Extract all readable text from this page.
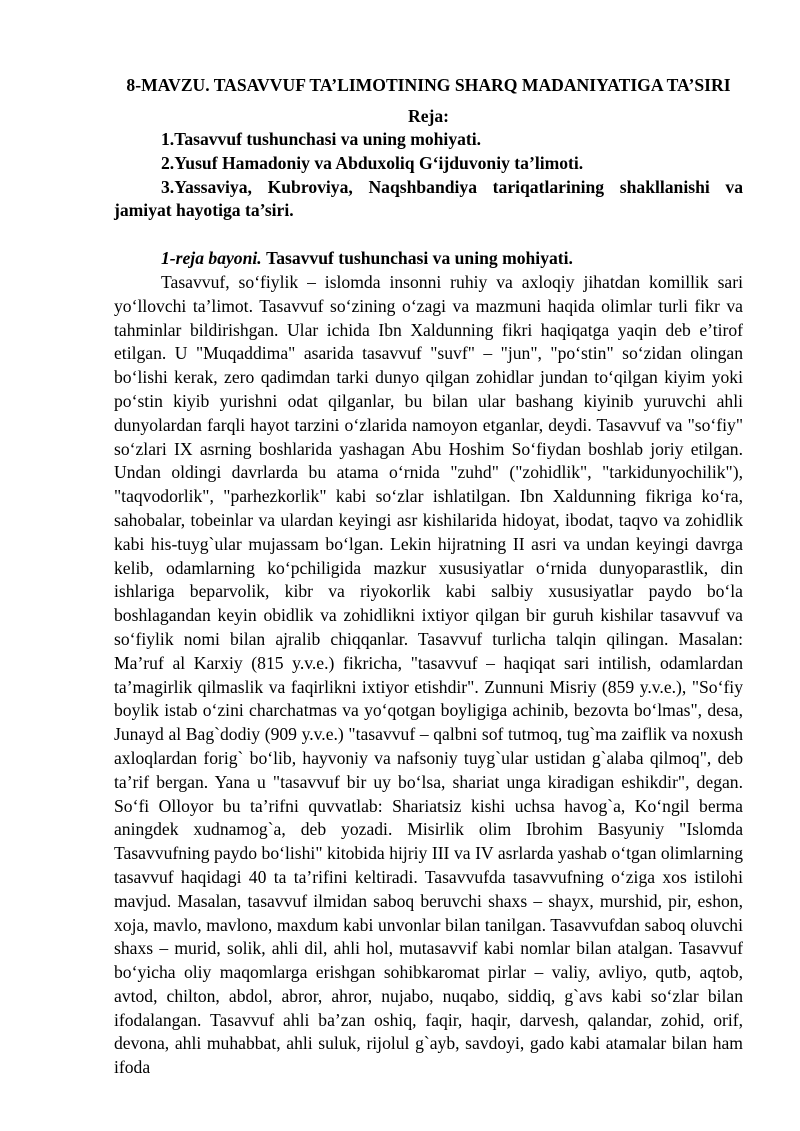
8-MAVZU. TASAVVUF TA’LIMOTINING SHARQ MADANIYATIGA TA’SIRI
Reja:

1.Tasavvuf tushunchasi va uning mohiyati.

2.Yusuf Hamadoniy va Abduxoliq G‘ijduvoniy ta’limoti.

3.Yassaviya, Kubroviya, Naqshbandiya tariqatlarining shakllanishi va jamiyat hayotiga ta’siri.

1-reja bayoni. Tasavvuf tushunchasi va uning mohiyati.

Tasavvuf, so‘fiylik – islomda insonni ruhiy va axloqiy jihatdan komillik sari yo‘llovchi ta’limot. Tasavvuf so‘zining o‘zagi va mazmuni haqida olimlar turli fikr va tahminlar bildirishgan. Ular ichida Ibn Xaldunning fikri haqiqatga yaqin deb e’tirof etilgan. U "Muqaddima" asarida tasavvuf "suvf" – "jun", "po‘stin" so‘zidan olingan bo‘lishi kerak, zero qadimdan tarki dunyo qilgan zohidlar jundan to‘qilgan kiyim yoki po‘stin kiyib yurishni odat qilganlar, bu bilan ular bashang kiyinib yuruvchi ahli dunyolardan farqli hayot tarzini o‘zlarida namoyon etganlar, deydi. Tasavvuf va "so‘fiy" so‘zlari IX asrning boshlarida yashagan Abu Hoshim So‘fiydan boshlab joriy etilgan. Undan oldingi davrlarda bu atama o‘rnida "zuhd" ("zohidlik", "tarkidunyochilik"), "taqvodorlik", "parhezkorlik" kabi so‘zlar ishlatilgan. Ibn Xaldunning fikriga ko‘ra, sahobalar, tobeinlar va ulardan keyingi asr kishilarida hidoyat, ibodat, taqvo va zohidlik kabi his-tuyg`ular mujassam bo‘lgan. Lekin hijratning II asri va undan keyingi davrga kelib, odamlarning ko‘pchiligida mazkur xususiyatlar o‘rnida dunyoparastlik, din ishlariga beparvolik, kibr va riyokorlik kabi salbiy xususiyatlar paydo bo‘la boshlagandan keyin obidlik va zohidlikni ixtiyor qilgan bir guruh kishilar tasavvuf va so‘fiylik nomi bilan ajralib chiqqanlar. Tasavvuf turlicha talqin qilingan. Masalan: Ma’ruf al Karxiy (815 y.v.e.) fikricha, "tasavvuf – haqiqat sari intilish, odamlardan ta’magirlik qilmaslik va faqirlikni ixtiyor etishdir". Zunnuni Misriy (859 y.v.e.), "So‘fiy boylik istab o‘zini charchatmas va yo‘qotgan boyligiga achinib, bezovta bo‘lmas", desa, Junayd al Bag`dodiy (909 y.v.e.) "tasavvuf – qalbni sof tutmoq, tug`ma zaiflik va noxush axloqlardan forig` bo‘lib, hayvoniy va nafsoniy tuyg`ular ustidan g`alaba qilmoq", deb ta’rif bergan. Yana u "tasavvuf bir uy bo‘lsa, shariat unga kiradigan eshikdir", degan. So‘fi Olloyor bu ta’rifni quvvatlab: Shariatsiz kishi uchsa havog`a, Ko‘ngil berma aningdek xudnamog`a, deb yozadi. Misirlik olim Ibrohim Basyuniy "Islomda Tasavvufning paydo bo‘lishi" kitobida hijriy III va IV asrlarda yashab o‘tgan olimlarning tasavvuf haqidagi 40 ta ta’rifini keltiradi. Tasavvufda tasavvufning o‘ziga xos istilohi mavjud. Masalan, tasavvuf ilmidan saboq beruvchi shaxs – shayx, murshid, pir, eshon, xoja, mavlo, mavlono, maxdum kabi unvonlar bilan tanilgan. Tasavvufdan saboq oluvchi shaxs – murid, solik, ahli dil, ahli hol, mutasavvif kabi nomlar bilan atalgan. Tasavvuf bo‘yicha oliy maqomlarga erishgan sohibkaromat pirlar – valiy, avliyo, qutb, aqtob, avtod, chilton, abdol, abror, ahror, nujabo, nuqabo, siddiq, g`avs kabi so‘zlar bilan ifodalangan. Tasavvuf ahli ba’zan oshiq, faqir, haqir, darvesh, qalandar, zohid, orif, devona, ahli muhabbat, ahli suluk, rijolul g`ayb, savdoyi, gado kabi atamalar bilan ham ifoda
